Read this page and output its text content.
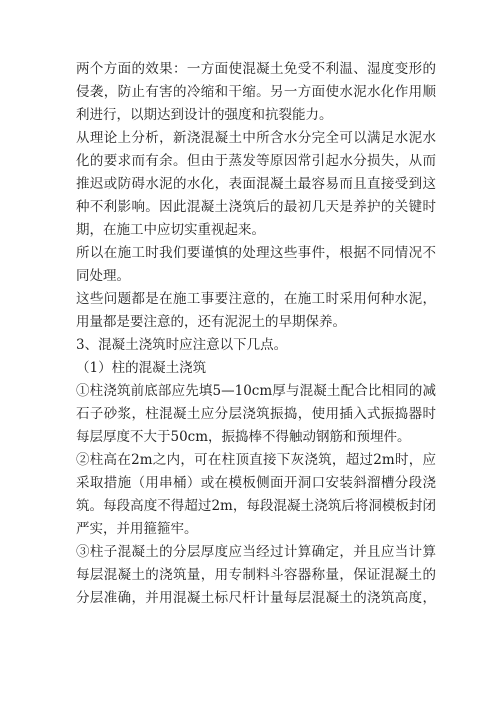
两个方面的效果：一方面使混凝土免受不利温、湿度变形的
侵袭，防止有害的冷缩和干缩。另一方面使水泥水化作用顺
利进行，以期达到设计的强度和抗裂能力。
从理论上分析，新浇混凝土中所含水分完全可以满足水泥水
化的要求而有余。但由于蒸发等原因常引起水分损失，从而
推迟或防碍水泥的水化，表面混凝土最容易而且直接受到这
种不利影响。因此混凝土浇筑后的最初几天是养护的关键时
期，在施工中应切实重视起来。
所以在施工时我们要谨慎的处理这些事件，根据不同情况不
同处理。
这些问题都是在施工事要注意的，在施工时采用何种水泥，
用量都是要注意的，还有泥泥土的早期保养。
3、混凝土浇筑时应注意以下几点。
（1）柱的混凝土浇筑
①柱浇筑前底部应先填5—10cm厚与混凝土配合比相同的减
石子砂浆，柱混凝土应分层浇筑振捣，使用插入式振捣器时
每层厚度不大于50cm，振捣棒不得触动钢筋和预埋件。
②柱高在2m之内，可在柱顶直接下灰浇筑，超过2m时，应
采取措施（用串桶）或在模板侧面开洞口安装斜溜槽分段浇
筑。每段高度不得超过2m，每段混凝土浇筑后将洞模板封闭
严实，并用箍箍牢。
③柱子混凝土的分层厚度应当经过计算确定，并且应当计算
每层混凝土的浇筑量，用专制料斗容器称量，保证混凝土的
分层准确，并用混凝土标尺杆计量每层混凝土的浇筑高度，
